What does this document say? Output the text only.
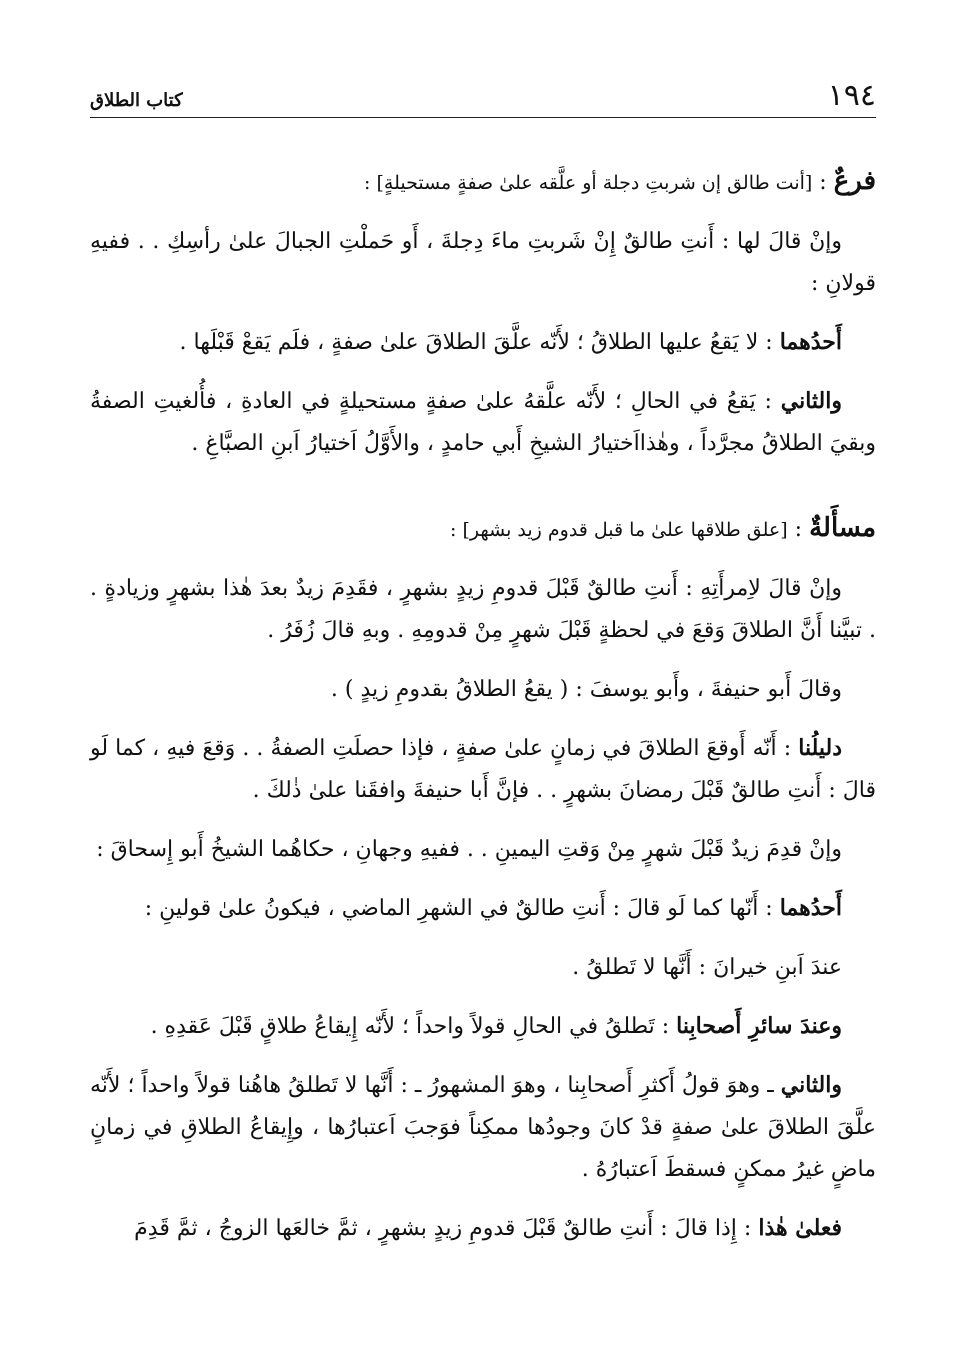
كتاب الطلاق	١٩٤

فرعٌ : [أنت طالق إن شربتِ دجلة أو علَّقه علىٰ صفةٍ مستحيلةٍ] :

وإنْ قالَ لها : أَنتِ طالقٌ إِنْ شَربتِ ماءَ دِجلةَ ، أَو حَملْتِ الجبالَ علىٰ رأسِكِ . . ففيهِ قولانِ :

أَحدُهما : لا يَقعُ عليها الطلاقُ ؛ لأَنّه علَّقَ الطلاقَ علىٰ صفةٍ ، فلَم يَقعْ قَبْلَها .

والثاني : يَقعُ في الحالِ ؛ لأَنّه علَّقهُ علىٰ صفةٍ مستحيلةٍ في العادةِ ، فأُلغيتِ الصفةُ وبقيَ الطلاقُ مجرَّداً ، وهٰذااَختيارُ الشيخِ أَبي حامدٍ ، والأَوَّلُ اَختيارُ اَبنِ الصبَّاغِ .

مسأَلةٌ : [علق طلاقها علىٰ ما قبل قدوم زيد بشهر] :

وإنْ قالَ لاِمرأَتِهِ : أَنتِ طالقٌ قَبْلَ قدومِ زيدٍ بشهرٍ ، فقَدِمَ زيدٌ بعدَ هٰذا بشهرٍ وزيادةٍ . . تبيَّنا أَنَّ الطلاقَ وَقعَ في لحظةٍ قَبْلَ شهرٍ مِنْ قدومِهِ . وبهِ قالَ زُفَرُ .

وقالَ أَبو حنيفةَ ، وأَبو يوسفَ : ( يقعُ الطلاقُ بقدومِ زيدٍ ) .

دليلُنا : أَنّه أَوقعَ الطلاقَ في زمانٍ علىٰ صفةٍ ، فإذا حصلَتِ الصفةُ . . وَقعَ فيهِ ، كما لَو قالَ : أَنتِ طالقٌ قَبْلَ رمضانَ بشهرٍ . . فإنَّ أَبا حنيفةَ وافقَنا علىٰ ذٰلكَ .

وإنْ قدِمَ زيدٌ قَبْلَ شهرٍ مِنْ وَقتِ اليمينِ . . ففيهِ وجهانِ ، حكاهُما الشيخُ أَبو إِسحاقَ :

أَحدُهما : أَنّها كما لَو قالَ : أَنتِ طالقٌ في الشهرِ الماضي ، فيكونُ علىٰ قولينِ :

عندَ اَبنِ خيرانَ : أَنَّها لا تَطلقُ .

وعندَ سائرِ أَصحابِنا : تَطلقُ في الحالِ قولاً واحداً ؛ لأَنّه إِيقاعُ طلاقٍ قَبْلَ عَقدِهِ .

والثاني ـ وهوَ قولُ أَكثرِ أَصحابِنا ، وهوَ المشهورُ ـ : أَنَّها لا تَطلقُ هاهُنا قولاً واحداً ؛ لأَنّه علَّقَ الطلاقَ علىٰ صفةٍ قدْ كانَ وجودُها ممكِناً فوَجبَ اَعتبارُها ، وإِيقاعُ الطلاقِ في زمانٍ ماضٍ غيرُ ممكنٍ فسقطَ اَعتبارُهُ .

فعلىٰ هٰذا : إِذا قالَ : أَنتِ طالقٌ قَبْلَ قدومِ زيدٍ بشهرٍ ، ثمَّ خالعَها الزوجُ ، ثمَّ قَدِمَ
